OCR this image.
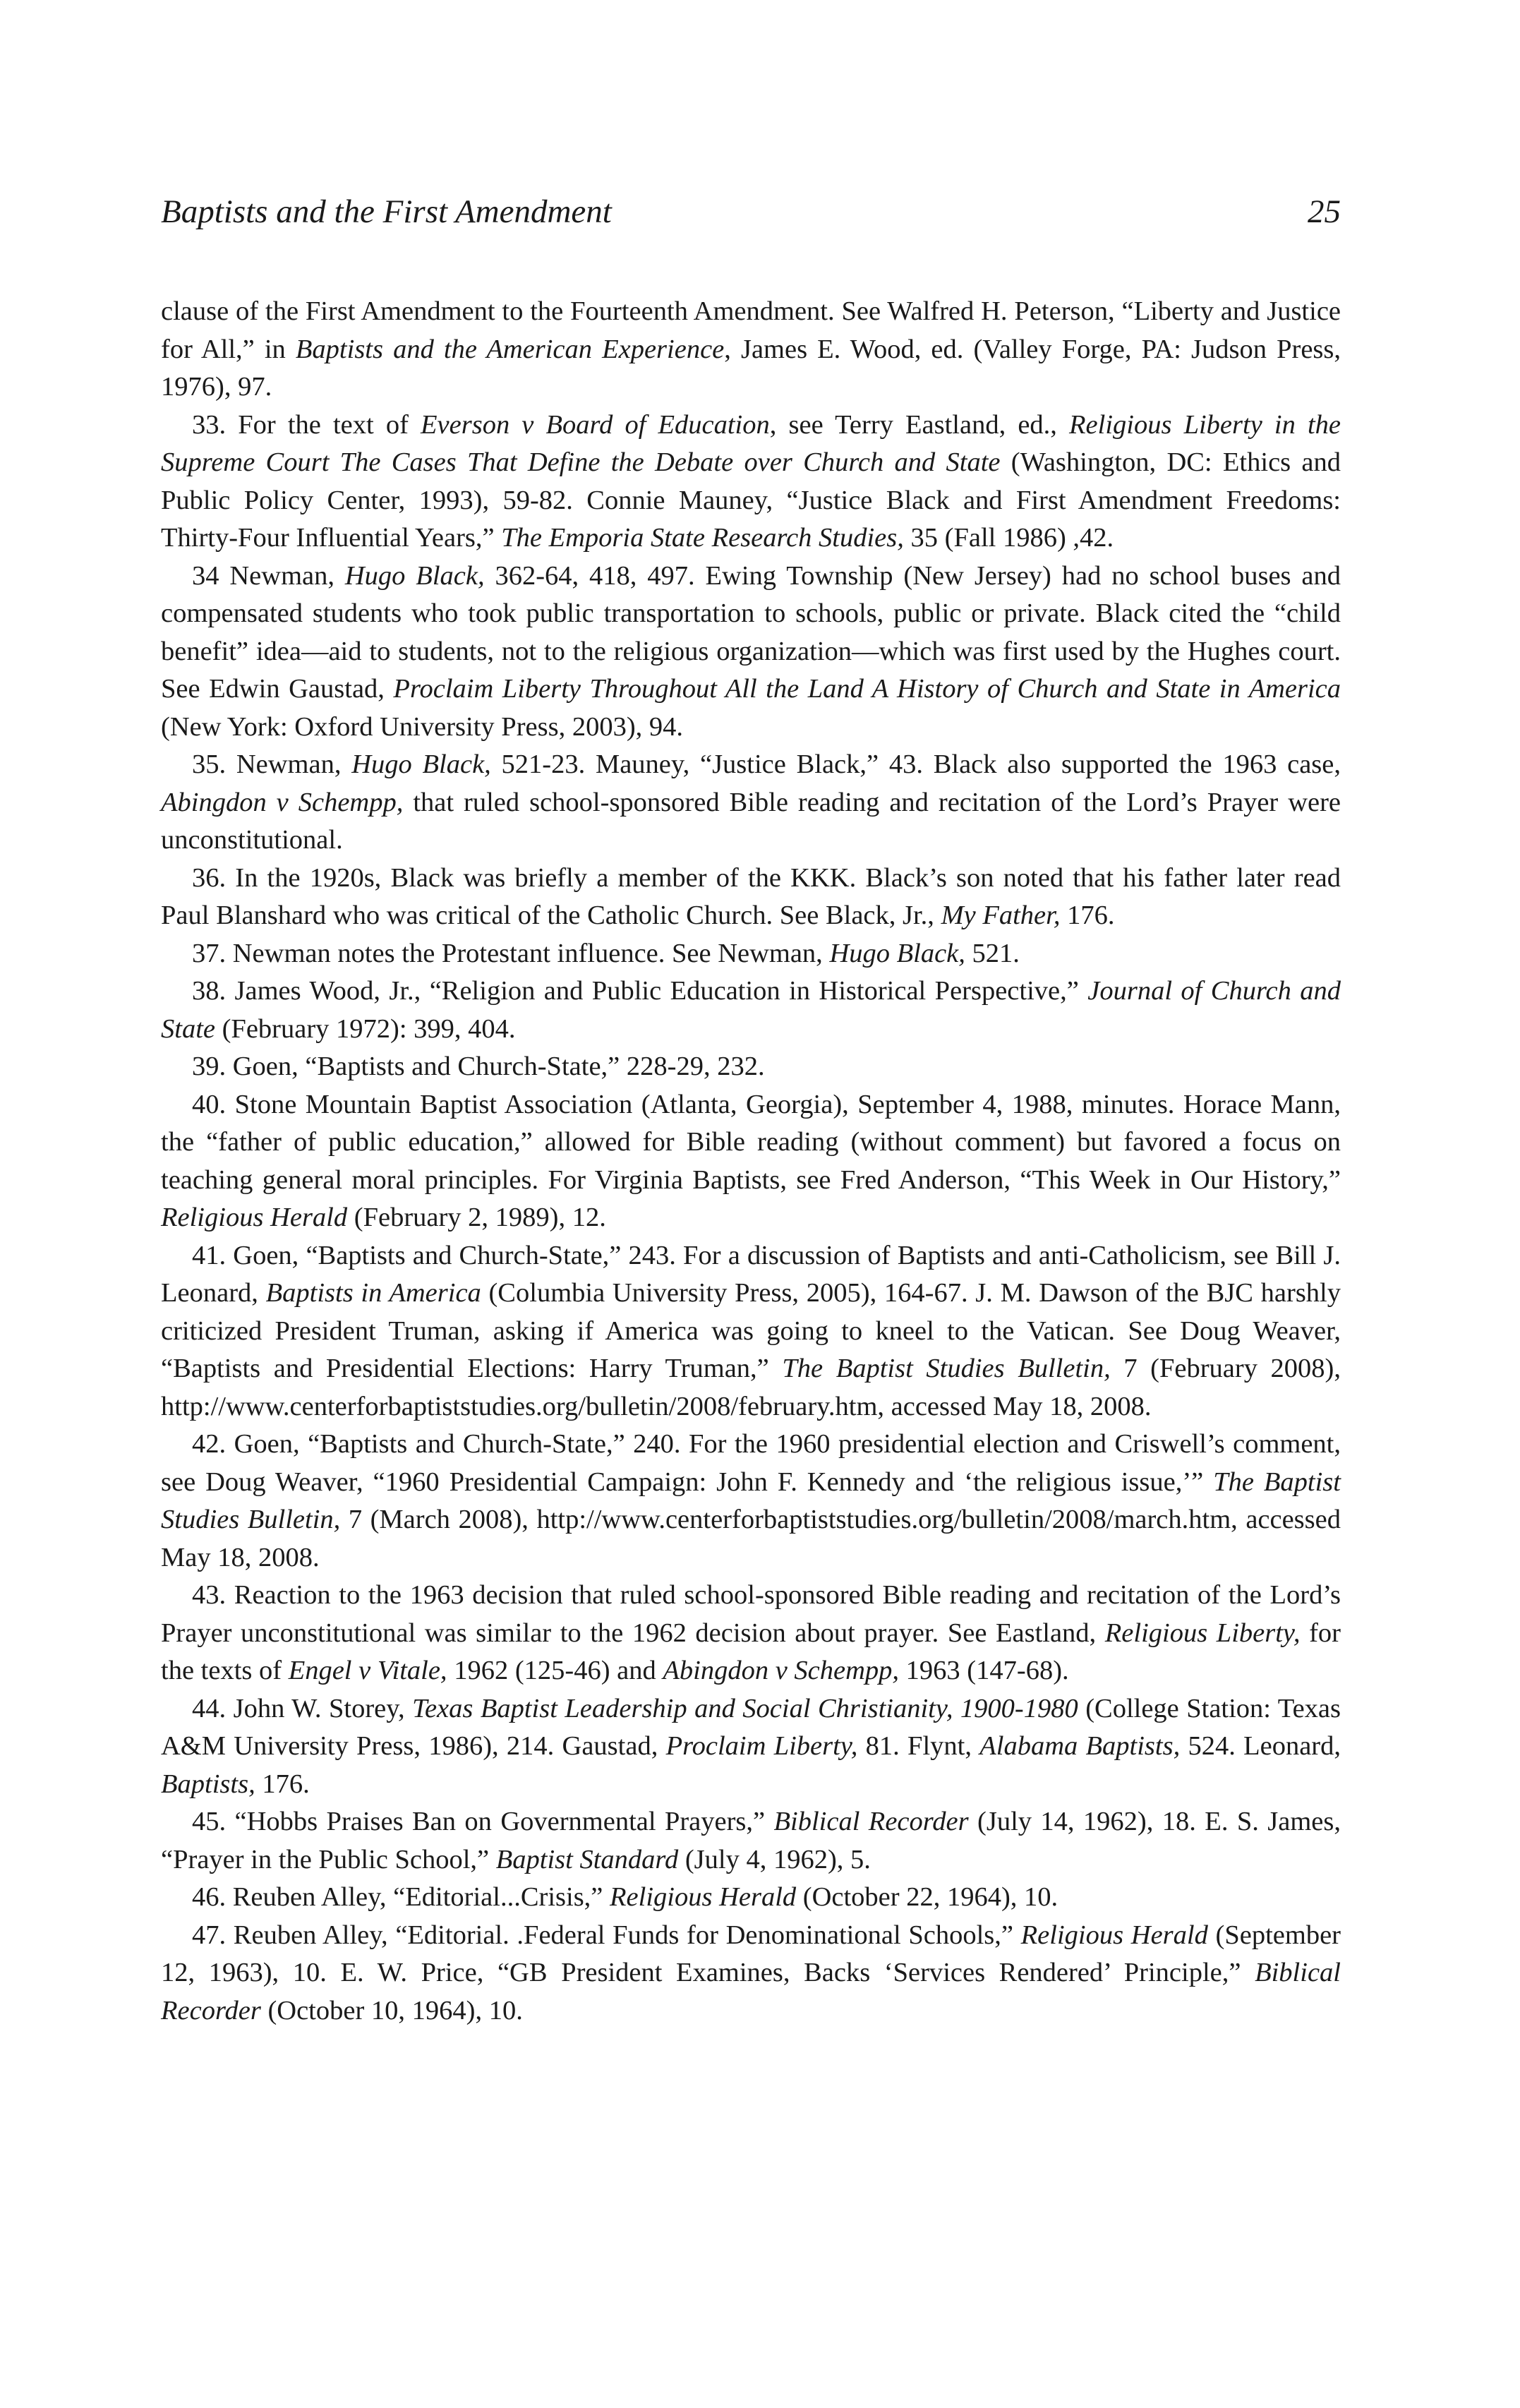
Baptists and the First Amendment	25

clause of the First Amendment to the Fourteenth Amendment. See Walfred H. Peterson, “Liberty and Justice for All,” in Baptists and the American Experience, James E. Wood, ed. (Valley Forge, PA: Judson Press, 1976), 97.

33. For the text of Everson v Board of Education, see Terry Eastland, ed., Religious Liberty in the Supreme Court The Cases That Define the Debate over Church and State (Washington, DC: Ethics and Public Policy Center, 1993), 59-82. Connie Mauney, “Justice Black and First Amendment Freedoms: Thirty-Four Influential Years,” The Emporia State Research Studies, 35 (Fall 1986) ,42.

34 Newman, Hugo Black, 362-64, 418, 497. Ewing Township (New Jersey) had no school buses and compensated students who took public transportation to schools, public or private. Black cited the “child benefit” idea—aid to students, not to the religious organization—which was first used by the Hughes court. See Edwin Gaustad, Proclaim Liberty Throughout All the Land A History of Church and State in America (New York: Oxford University Press, 2003), 94.

35. Newman, Hugo Black, 521-23. Mauney, “Justice Black,” 43. Black also supported the 1963 case, Abingdon v Schempp, that ruled school-sponsored Bible reading and recitation of the Lord’s Prayer were unconstitutional.

36. In the 1920s, Black was briefly a member of the KKK. Black’s son noted that his father later read Paul Blanshard who was critical of the Catholic Church. See Black, Jr., My Father, 176.

37. Newman notes the Protestant influence. See Newman, Hugo Black, 521.

38. James Wood, Jr., “Religion and Public Education in Historical Perspective,” Journal of Church and State (February 1972): 399, 404.

39. Goen, “Baptists and Church-State,” 228-29, 232.

40. Stone Mountain Baptist Association (Atlanta, Georgia), September 4, 1988, minutes. Horace Mann, the “father of public education,” allowed for Bible reading (without comment) but favored a focus on teaching general moral principles. For Virginia Baptists, see Fred Anderson, “This Week in Our History,” Religious Herald (February 2, 1989), 12.

41. Goen, “Baptists and Church-State,” 243. For a discussion of Baptists and anti-Catholicism, see Bill J. Leonard, Baptists in America (Columbia University Press, 2005), 164-67. J. M. Dawson of the BJC harshly criticized President Truman, asking if America was going to kneel to the Vatican. See Doug Weaver, “Baptists and Presidential Elections: Harry Truman,” The Baptist Studies Bulletin, 7 (February 2008), http://www.centerforbaptiststudies.org/bulletin/2008/february.htm, accessed May 18, 2008.

42. Goen, “Baptists and Church-State,” 240. For the 1960 presidential election and Criswell’s comment, see Doug Weaver, “1960 Presidential Campaign: John F. Kennedy and ‘the religious issue,’” The Baptist Studies Bulletin, 7 (March 2008), http://www.centerforbaptiststudies.org/bulletin/2008/march.htm, accessed May 18, 2008.

43. Reaction to the 1963 decision that ruled school-sponsored Bible reading and recitation of the Lord’s Prayer unconstitutional was similar to the 1962 decision about prayer. See Eastland, Religious Liberty, for the texts of Engel v Vitale, 1962 (125-46) and Abingdon v Schempp, 1963 (147-68).

44. John W. Storey, Texas Baptist Leadership and Social Christianity, 1900-1980 (College Station: Texas A&M University Press, 1986), 214. Gaustad, Proclaim Liberty, 81. Flynt, Alabama Baptists, 524. Leonard, Baptists, 176.

45. “Hobbs Praises Ban on Governmental Prayers,” Biblical Recorder (July 14, 1962), 18. E. S. James, “Prayer in the Public School,” Baptist Standard (July 4, 1962), 5.

46. Reuben Alley, “Editorial...Crisis,” Religious Herald (October 22, 1964), 10.

47. Reuben Alley, “Editorial. .Federal Funds for Denominational Schools,” Religious Herald (September 12, 1963), 10. E. W. Price, “GB President Examines, Backs ‘Services Rendered’ Principle,” Biblical Recorder (October 10, 1964), 10.
